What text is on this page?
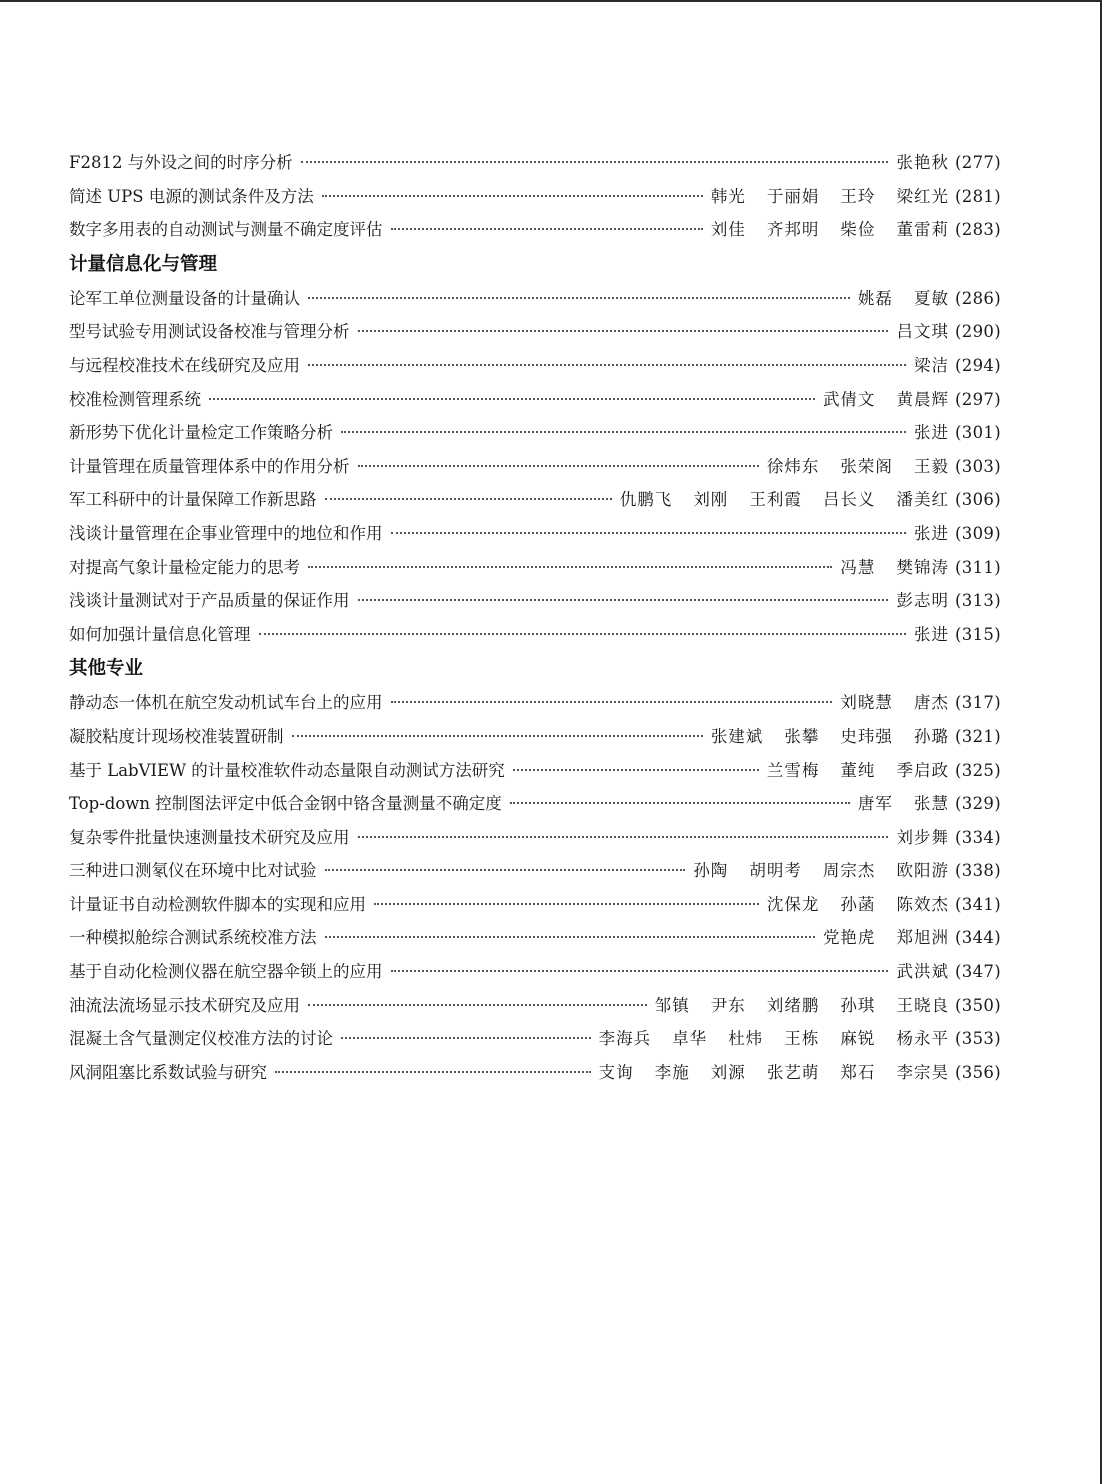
F2812 与外设之间的时序分析	张艳秋 (277)
简述 UPS 电源的测试条件及方法	韩光 于丽娟 王玲 梁红光 (281)
数字多用表的自动测试与测量不确定度评估	刘佳 齐邦明 柴俭 董雷莉 (283)
计量信息化与管理
论军工单位测量设备的计量确认	姚磊 夏敏 (286)
型号试验专用测试设备校准与管理分析	吕文琪 (290)
与远程校准技术在线研究及应用	梁洁 (294)
校准检测管理系统	武倩文 黄晨辉 (297)
新形势下优化计量检定工作策略分析	张进 (301)
计量管理在质量管理体系中的作用分析	徐炜东 张荣阁 王毅 (303)
军工科研中的计量保障工作新思路	仇鹏飞 刘刚 王利霞 吕长义 潘美红 (306)
浅谈计量管理在企事业管理中的地位和作用	张进 (309)
对提高气象计量检定能力的思考	冯慧 樊锦涛 (311)
浅谈计量测试对于产品质量的保证作用	彭志明 (313)
如何加强计量信息化管理	张进 (315)
其他专业
静动态一体机在航空发动机试车台上的应用	刘晓慧 唐杰 (317)
凝胶粘度计现场校准装置研制	张建斌 张攀 史玮强 孙璐 (321)
基于 LabVIEW 的计量校准软件动态量限自动测试方法研究	兰雪梅 董纯 季启政 (325)
Top-down 控制图法评定中低合金钢中铬含量测量不确定度	唐军 张慧 (329)
复杂零件批量快速测量技术研究及应用	刘步舞 (334)
三种进口测氡仪在环境中比对试验	孙陶 胡明考 周宗杰 欧阳游 (338)
计量证书自动检测软件脚本的实现和应用	沈保龙 孙菡 陈效杰 (341)
一种模拟舱综合测试系统校准方法	党艳虎 郑旭洲 (344)
基于自动化检测仪器在航空器伞锁上的应用	武洪斌 (347)
油流法流场显示技术研究及应用	邹镇 尹东 刘绪鹏 孙琪 王晓良 (350)
混凝土含气量测定仪校准方法的讨论	李海兵 卓华 杜炜 王栋 麻锐 杨永平 (353)
风洞阻塞比系数试验与研究	支询 李施 刘源 张艺萌 郑石 李宗昊 (356)
